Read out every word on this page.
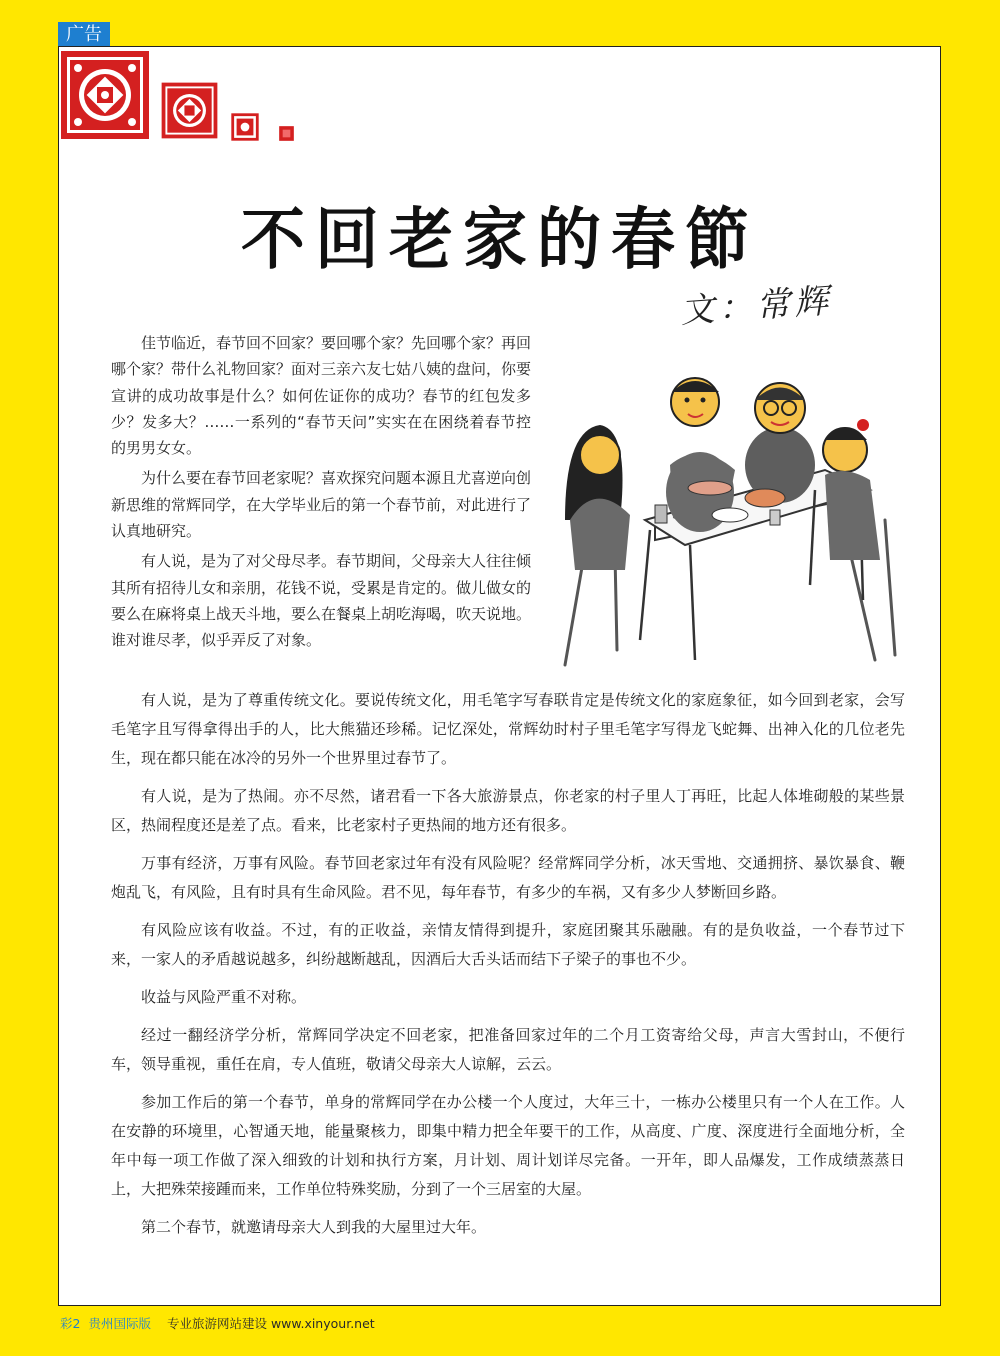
广告
不回老家的春節
文：常辉

佳节临近，春节回不回家？要回哪个家？先回哪个家？再回哪个家？带什么礼物回家？面对三亲六友七姑八姨的盘问，你要宣讲的成功故事是什么？如何佐证你的成功？春节的红包发多少？发多大？……一系列的“春节天问”实实在在困绕着春节控的男男女女。

为什么要在春节回老家呢？喜欢探究问题本源且尤喜逆向创新思维的常辉同学，在大学毕业后的第一个春节前，对此进行了认真地研究。

有人说，是为了对父母尽孝。春节期间，父母亲大人往往倾其所有招待儿女和亲朋，花钱不说，受累是肯定的。做儿做女的要么在麻将桌上战天斗地，要么在餐桌上胡吃海喝，吹天说地。谁对谁尽孝，似乎弄反了对象。

有人说，是为了尊重传统文化。要说传统文化，用毛笔字写春联肯定是传统文化的家庭象征，如今回到老家，会写毛笔字且写得拿得出手的人，比大熊猫还珍稀。记忆深处，常辉幼时村子里毛笔字写得龙飞蛇舞、出神入化的几位老先生，现在都只能在冰冷的另外一个世界里过春节了。

有人说，是为了热闹。亦不尽然，诸君看一下各大旅游景点，你老家的村子里人丁再旺，比起人体堆砌般的某些景区，热闹程度还是差了点。看来，比老家村子更热闹的地方还有很多。

万事有经济，万事有风险。春节回老家过年有没有风险呢？经常辉同学分析，冰天雪地、交通拥挤、暴饮暴食、鞭炮乱飞，有风险，且有时具有生命风险。君不见，每年春节，有多少的车祸，又有多少人梦断回乡路。

有风险应该有收益。不过，有的正收益，亲情友情得到提升，家庭团聚其乐融融。有的是负收益，一个春节过下来，一家人的矛盾越说越多，纠纷越断越乱，因酒后大舌头话而结下子梁子的事也不少。

收益与风险严重不对称。

经过一翻经济学分析，常辉同学决定不回老家，把准备回家过年的二个月工资寄给父母，声言大雪封山，不便行车，领导重视，重任在肩，专人值班，敬请父母亲大人谅解，云云。

参加工作后的第一个春节，单身的常辉同学在办公楼一个人度过，大年三十，一栋办公楼里只有一个人在工作。人在安静的环境里，心智通天地，能量聚核力，即集中精力把全年要干的工作，从高度、广度、深度进行全面地分析，全年中每一项工作做了深入细致的计划和执行方案，月计划、周计划详尽完备。一开年，即人品爆发，工作成绩蒸蒸日上，大把殊荣接踵而来，工作单位特殊奖励，分到了一个三居室的大屋。

第二个春节，就邀请母亲大人到我的大屋里过大年。

彩2 贵州国际版 专业旅游网站建设 www.xinyour.net
